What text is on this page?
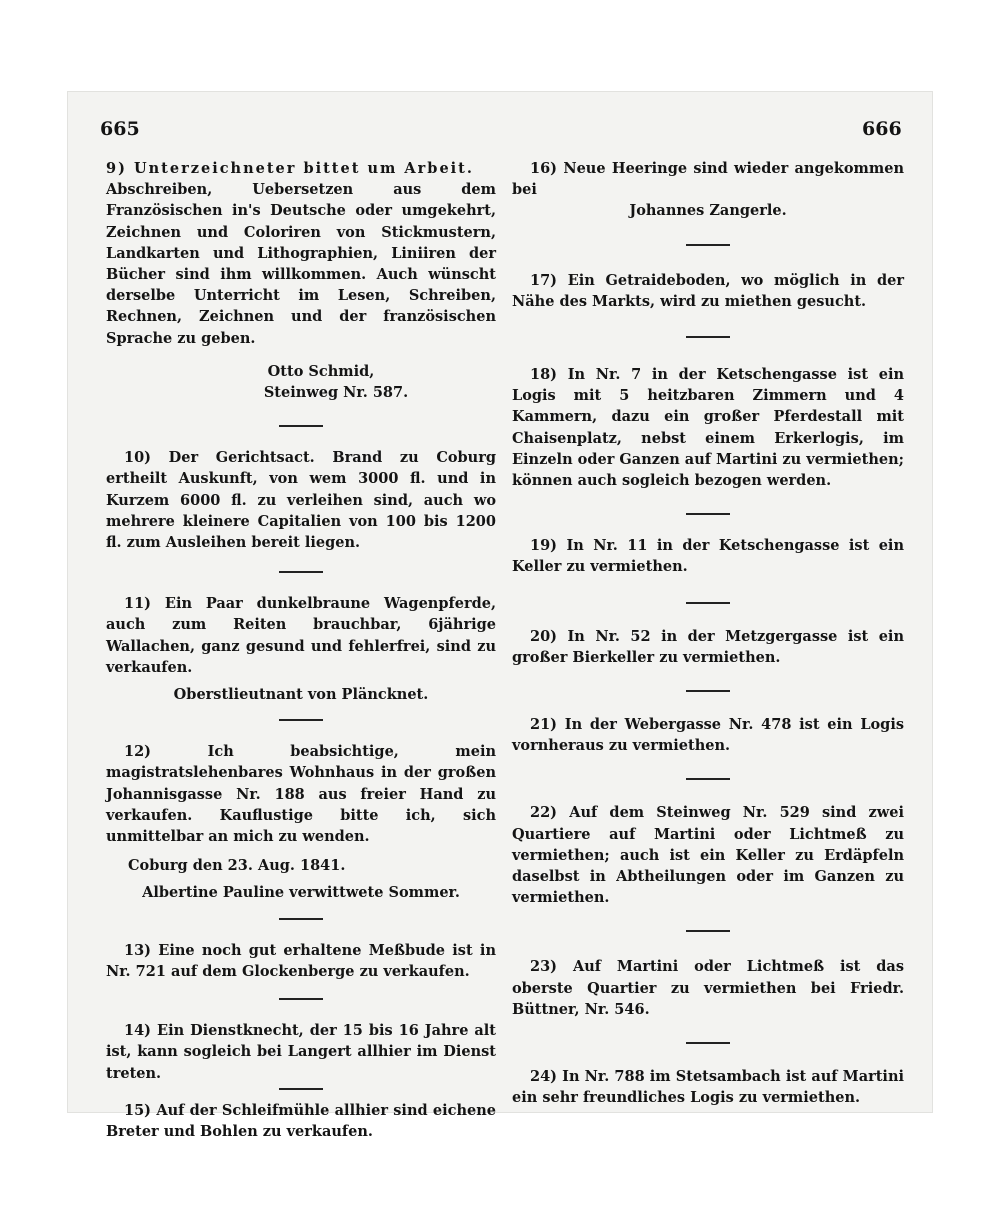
665	666

9) Unterzeichneter bittet um Arbeit.

Abschreiben, Uebersetzen aus dem Französischen in's Deutsche oder umgekehrt, Zeichnen und Coloriren von Stickmustern, Landkarten und Lithographien, Liniiren der Bücher sind ihm willkommen. Auch wünscht derselbe Unterricht im Lesen, Schreiben, Rechnen, Zeichnen und der französischen Sprache zu geben.

Otto Schmid,

Steinweg Nr. 587.

10) Der Gerichtsact. Brand zu Coburg ertheilt Auskunft, von wem 3000 fl. und in Kurzem 6000 fl. zu verleihen sind, auch wo mehrere kleinere Capitalien von 100 bis 1200 fl. zum Ausleihen bereit liegen.

11) Ein Paar dunkelbraune Wagenpferde, auch zum Reiten brauchbar, 6jährige Wallachen, ganz gesund und fehlerfrei, sind zu verkaufen.

Oberstlieutnant von Pläncknet.

12) Ich beabsichtige, mein magistratslehenbares Wohnhaus in der großen Johannisgasse Nr. 188 aus freier Hand zu verkaufen. Kauflustige bitte ich, sich unmittelbar an mich zu wenden.

Coburg den 23. Aug. 1841.

Albertine Pauline verwittwete Sommer.

13) Eine noch gut erhaltene Meßbude ist in Nr. 721 auf dem Glockenberge zu verkaufen.

14) Ein Dienstknecht, der 15 bis 16 Jahre alt ist, kann sogleich bei Langert allhier im Dienst treten.

15) Auf der Schleifmühle allhier sind eichene Breter und Bohlen zu verkaufen.

16) Neue Heeringe sind wieder angekommen bei

Johannes Zangerle.

17) Ein Getraideboden, wo möglich in der Nähe des Markts, wird zu miethen gesucht.

18) In Nr. 7 in der Ketschengasse ist ein Logis mit 5 heitzbaren Zimmern und 4 Kammern, dazu ein großer Pferdestall mit Chaisenplatz, nebst einem Erkerlogis, im Einzeln oder Ganzen auf Martini zu vermiethen; können auch sogleich bezogen werden.

19) In Nr. 11 in der Ketschengasse ist ein Keller zu vermiethen.

20) In Nr. 52 in der Metzgergasse ist ein großer Bierkeller zu vermiethen.

21) In der Webergasse Nr. 478 ist ein Logis vornheraus zu vermiethen.

22) Auf dem Steinweg Nr. 529 sind zwei Quartiere auf Martini oder Lichtmeß zu vermiethen; auch ist ein Keller zu Erdäpfeln daselbst in Abtheilungen oder im Ganzen zu vermiethen.

23) Auf Martini oder Lichtmeß ist das oberste Quartier zu vermiethen bei Friedr. Büttner, Nr. 546.

24) In Nr. 788 im Stetsambach ist auf Martini ein sehr freundliches Logis zu vermiethen.
